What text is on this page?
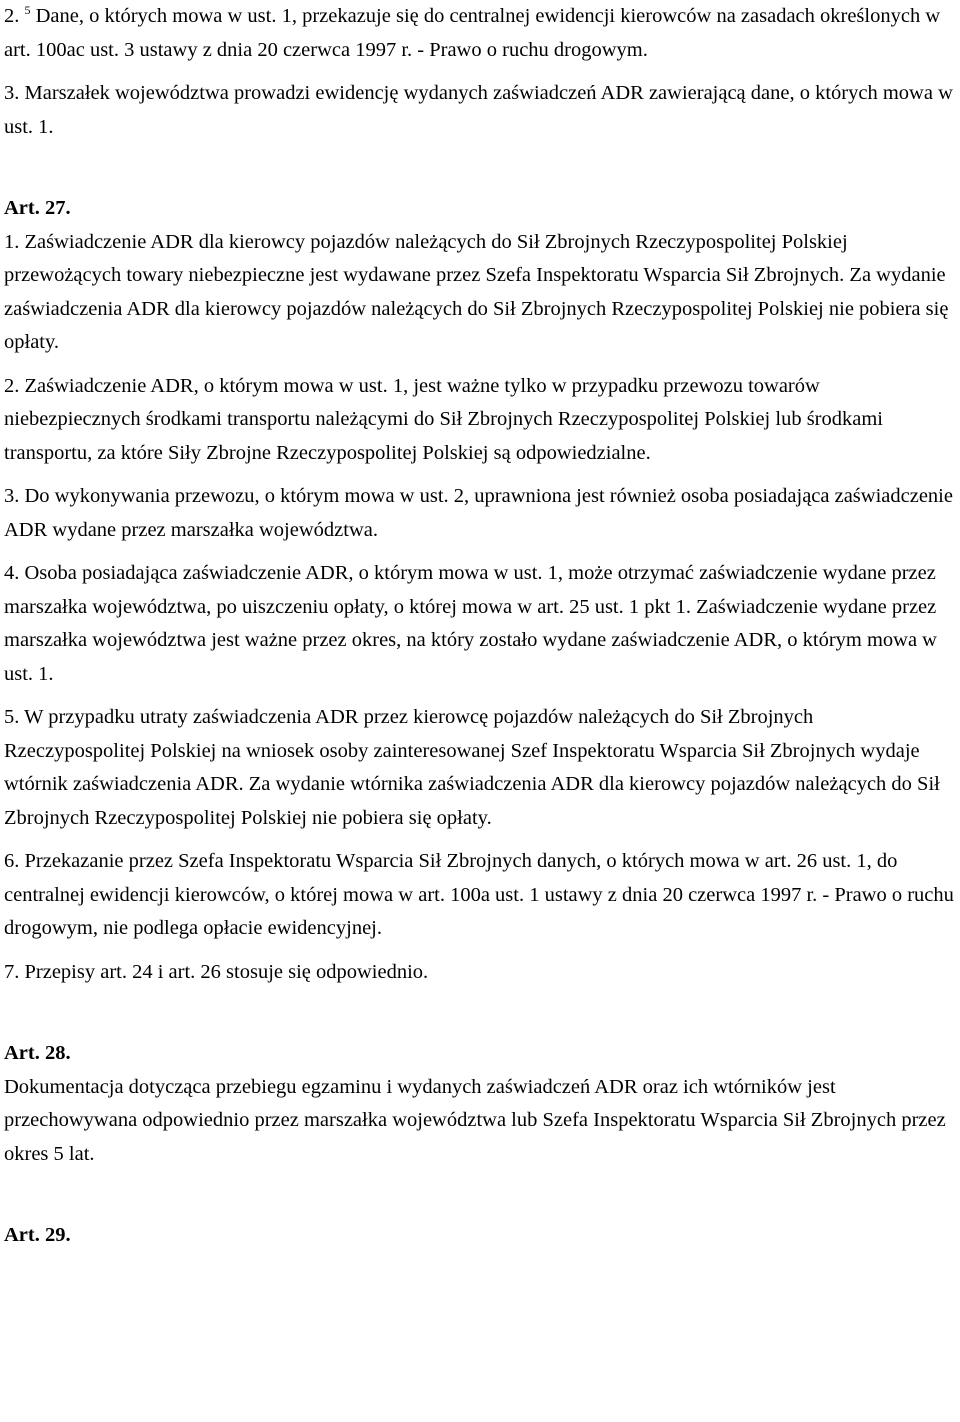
2. $^5$ Dane, o których mowa w ust. 1, przekazuje się do centralnej ewidencji kierowców na zasadach określonych w art. 100ac ust. 3 ustawy z dnia 20 czerwca 1997 r. - Prawo o ruchu drogowym.

3. Marszałek województwa prowadzi ewidencję wydanych zaświadczeń ADR zawierającą dane, o których mowa w ust. 1.

Art. 27.

1. Zaświadczenie ADR dla kierowcy pojazdów należących do Sił Zbrojnych Rzeczypospolitej Polskiej przewożących towary niebezpieczne jest wydawane przez Szefa Inspektoratu Wsparcia Sił Zbrojnych. Za wydanie zaświadczenia ADR dla kierowcy pojazdów należących do Sił Zbrojnych Rzeczypospolitej Polskiej nie pobiera się opłaty.

2. Zaświadczenie ADR, o którym mowa w ust. 1, jest ważne tylko w przypadku przewozu towarów niebezpiecznych środkami transportu należącymi do Sił Zbrojnych Rzeczypospolitej Polskiej lub środkami transportu, za które Siły Zbrojne Rzeczypospolitej Polskiej są odpowiedzialne.

3. Do wykonywania przewozu, o którym mowa w ust. 2, uprawniona jest również osoba posiadająca zaświadczenie ADR wydane przez marszałka województwa.

4. Osoba posiadająca zaświadczenie ADR, o którym mowa w ust. 1, może otrzymać zaświadczenie wydane przez marszałka województwa, po uiszczeniu opłaty, o której mowa w art. 25 ust. 1 pkt 1. Zaświadczenie wydane przez marszałka województwa jest ważne przez okres, na który zostało wydane zaświadczenie ADR, o którym mowa w ust. 1.

5. W przypadku utraty zaświadczenia ADR przez kierowcę pojazdów należących do Sił Zbrojnych Rzeczypospolitej Polskiej na wniosek osoby zainteresowanej Szef Inspektoratu Wsparcia Sił Zbrojnych wydaje wtórnik zaświadczenia ADR. Za wydanie wtórnika zaświadczenia ADR dla kierowcy pojazdów należących do Sił Zbrojnych Rzeczypospolitej Polskiej nie pobiera się opłaty.

6. Przekazanie przez Szefa Inspektoratu Wsparcia Sił Zbrojnych danych, o których mowa w art. 26 ust. 1, do centralnej ewidencji kierowców, o której mowa w art. 100a ust. 1 ustawy z dnia 20 czerwca 1997 r. - Prawo o ruchu drogowym, nie podlega opłacie ewidencyjnej.

7. Przepisy art. 24 i art. 26 stosuje się odpowiednio.

Art. 28.

Dokumentacja dotycząca przebiegu egzaminu i wydanych zaświadczeń ADR oraz ich wtórników jest przechowywana odpowiednio przez marszałka województwa lub Szefa Inspektoratu Wsparcia Sił Zbrojnych przez okres 5 lat.

Art. 29.
